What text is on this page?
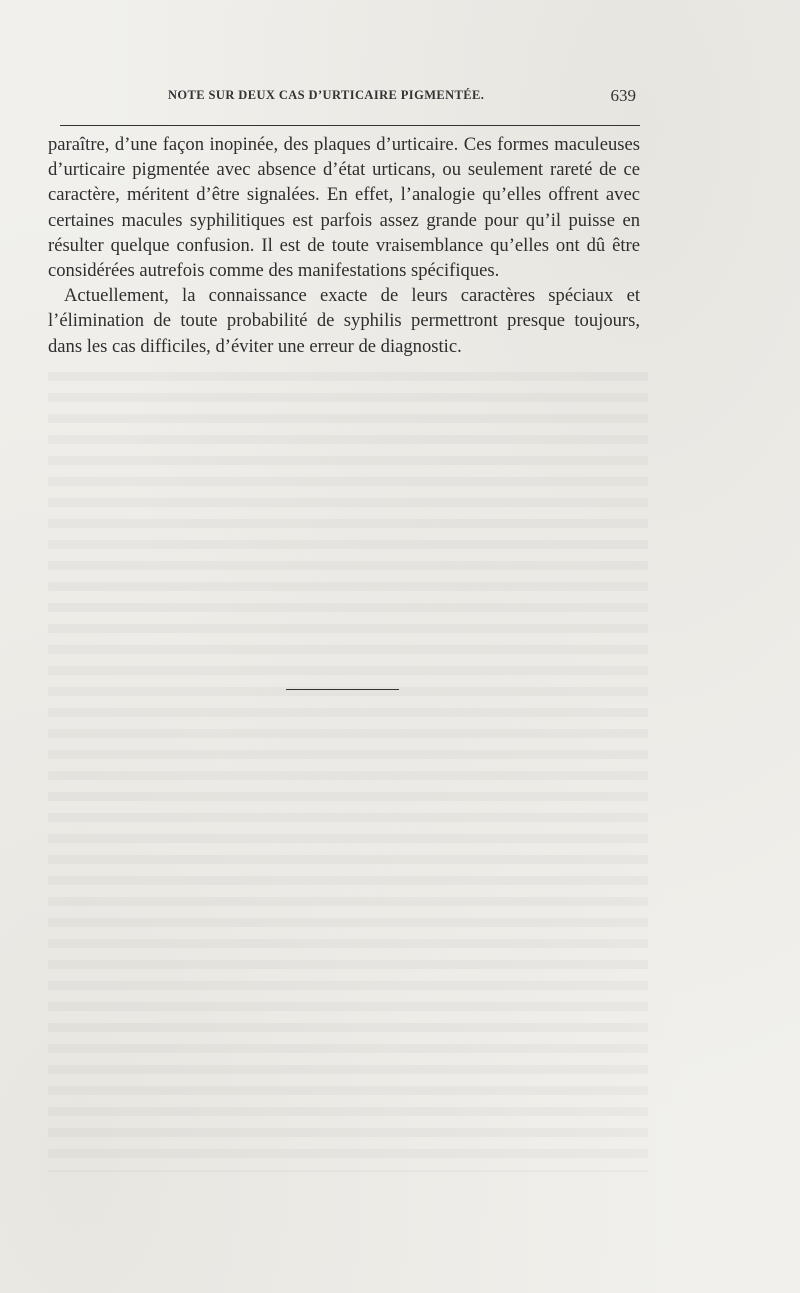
NOTE SUR DEUX CAS D’URTICAIRE PIGMENTÉE.	639

paraître, d’une façon inopinée, des plaques d’urticaire. Ces formes maculeuses d’urticaire pigmentée avec absence d’état urticans, ou seulement rareté de ce caractère, méritent d’être signalées. En effet, l’analogie qu’elles offrent avec certaines macules syphilitiques est parfois assez grande pour qu’il puisse en résulter quelque confusion. Il est de toute vraisemblance qu’elles ont dû être considérées autrefois comme des manifestations spécifiques.

Actuellement, la connaissance exacte de leurs caractères spéciaux et l’élimination de toute probabilité de syphilis permettront presque toujours, dans les cas difficiles, d’éviter une erreur de diagnostic.
